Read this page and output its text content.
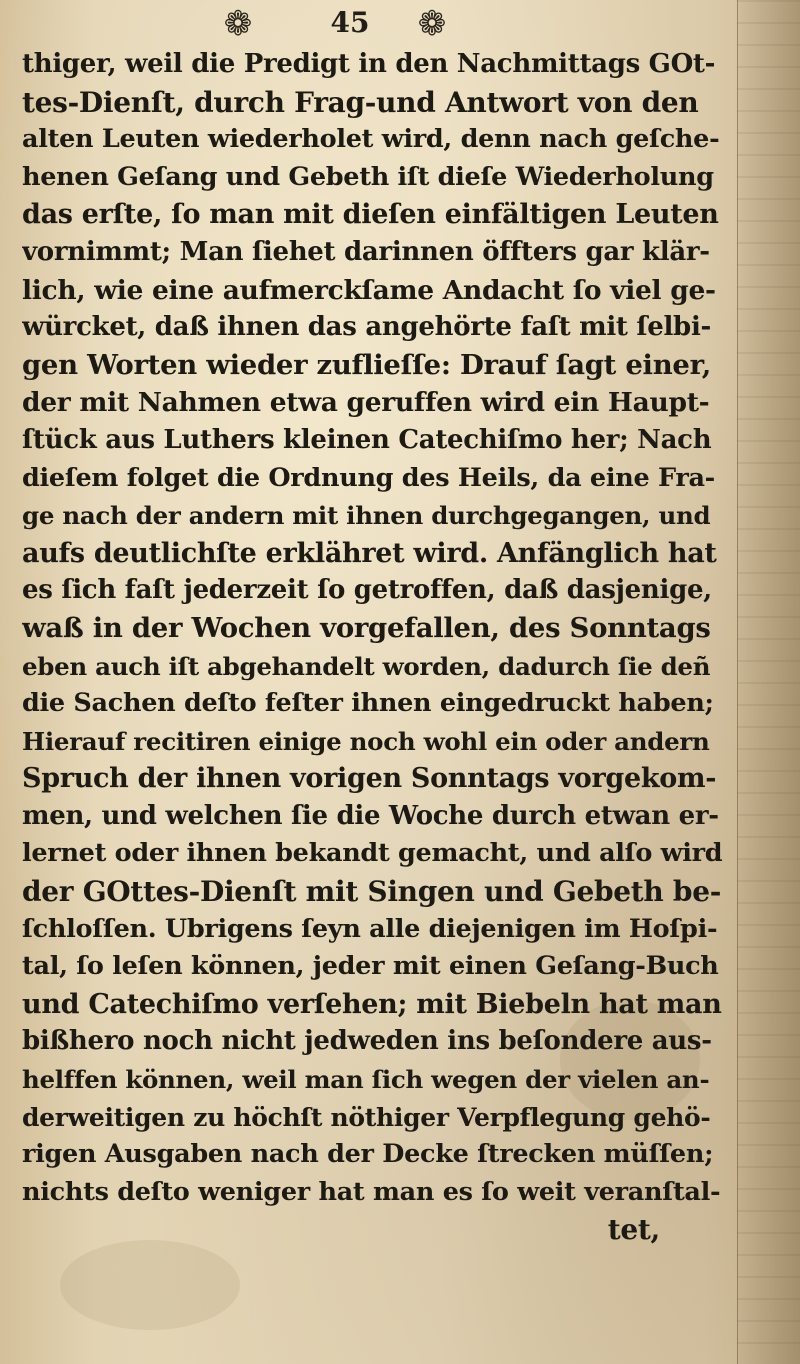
❁	45	❁
thiger, weil die Predigt in den Nachmittags GOt-
tes-Dienſt, durch Frag-und Antwort von den
alten Leuten wiederholet wird, denn nach geſche-
henen Geſang und Gebeth iſt dieſe Wiederholung
das erſte, ſo man mit dieſen einfältigen Leuten
vornimmt; Man ſiehet darinnen öffters gar klär-
lich, wie eine aufmerckſame Andacht ſo viel ge-
würcket, daß ihnen das angehörte faſt mit ſelbi-
gen Worten wieder zuflieſſe: Drauf ſagt einer,
der mit Nahmen etwa geruffen wird ein Haupt-
ſtück aus Luthers kleinen Catechiſmo her; Nach
dieſem folget die Ordnung des Heils, da eine Fra-
ge nach der andern mit ihnen durchgegangen, und
aufs deutlichſte erklähret wird. Anfänglich hat
es ſich faſt jederzeit ſo getroffen, daß dasjenige,
waß in der Wochen vorgefallen, des Sonntags
eben auch iſt abgehandelt worden, dadurch ſie deñ
die Sachen deſto feſter ihnen eingedruckt haben;
Hierauf recitiren einige noch wohl ein oder andern
Spruch der ihnen vorigen Sonntags vorgekom-
men, und welchen ſie die Woche durch etwan er-
lernet oder ihnen bekandt gemacht, und alſo wird
der GOttes-Dienſt mit Singen und Gebeth be-
ſchloſſen. Ubrigens ſeyn alle diejenigen im Hoſpi-
tal, ſo leſen können, jeder mit einen Geſang-Buch
und Catechiſmo verſehen; mit Biebeln hat man
bißhero noch nicht jedweden ins beſondere aus-
helffen können, weil man ſich wegen der vielen an-
derweitigen zu höchſt nöthiger Verpflegung gehö-
rigen Ausgaben nach der Decke ſtrecken müſſen;
nichts deſto weniger hat man es ſo weit veranſtal-
tet,
